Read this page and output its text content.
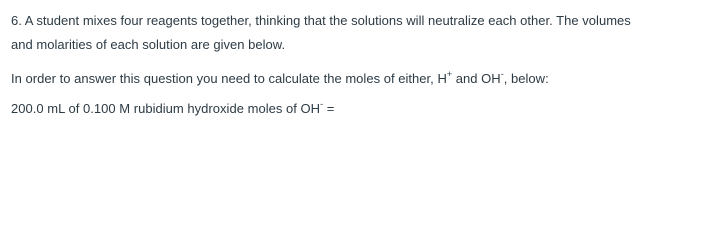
6. A student mixes four reagents together, thinking that the solutions will neutralize each other. The volumes
and molarities of each solution are given below.
In order to answer this question you need to calculate the moles of either, H+ and OH-, below:
200.0 mL of 0.100 M rubidium hydroxide moles of OH- =
